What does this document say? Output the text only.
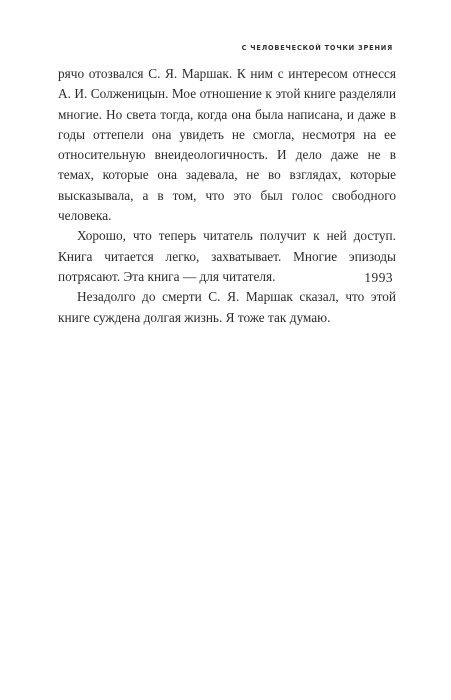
С ЧЕЛОВЕЧЕСКОЙ ТОЧКИ ЗРЕНИЯ

рячо отозвался С. Я. Маршак. К ним с интересом отнесся А. И. Солженицын. Мое отношение к этой книге разделяли многие. Но света тогда, когда она была написана, и даже в годы оттепели она увидеть не смогла, несмотря на ее относительную внеидеологичность. И дело даже не в темах, которые она задевала, не во взглядах, которые высказывала, а в том, что это был голос свободного человека.

Хорошо, что теперь читатель получит к ней доступ. Книга читается легко, захватывает. Многие эпизоды потрясают. Эта книга — для читателя.

Незадолго до смерти С. Я. Маршак сказал, что этой книге суждена долгая жизнь. Я тоже так думаю.

1993
